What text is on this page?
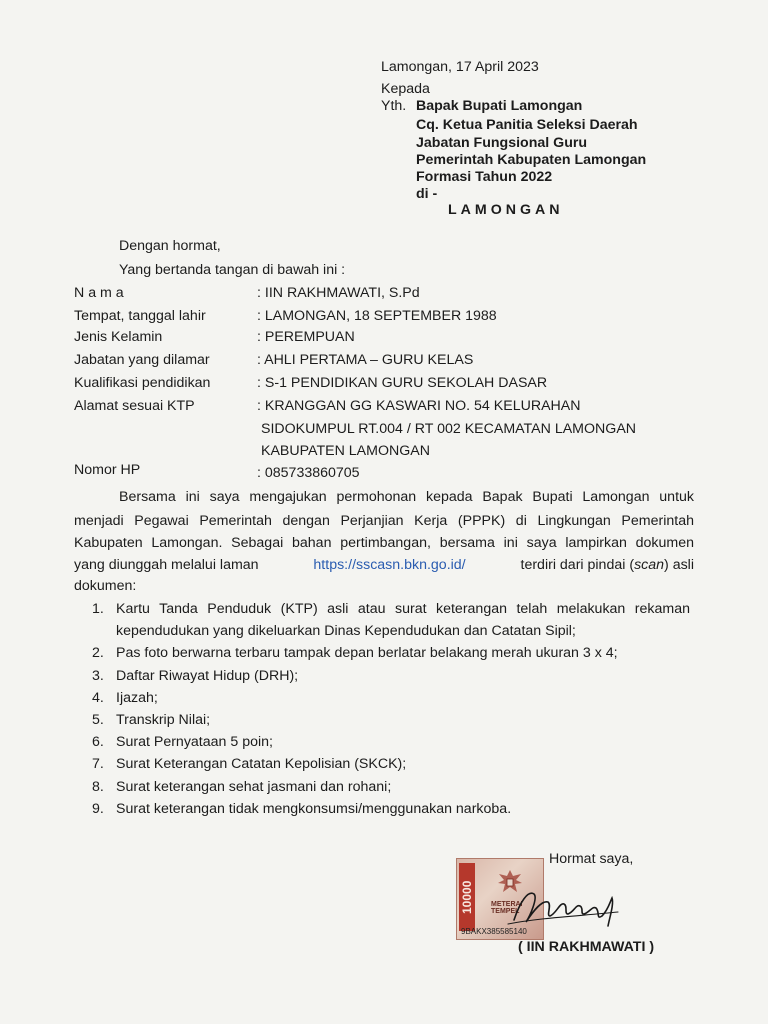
Lamongan, 17 April 2023
Kepada
Yth. Bapak Bupati Lamongan
Cq. Ketua Panitia Seleksi Daerah
Jabatan Fungsional Guru
Pemerintah Kabupaten Lamongan
Formasi Tahun 2022
di -
LAMONGAN
Dengan hormat,
Yang bertanda tangan di bawah ini :
N a m a	: IIN RAKHMAWATI, S.Pd
Tempat, tanggal lahir	: LAMONGAN, 18 SEPTEMBER 1988
Jenis Kelamin	: PEREMPUAN
Jabatan yang dilamar	: AHLI PERTAMA – GURU KELAS
Kualifikasi pendidikan	: S-1 PENDIDIKAN GURU SEKOLAH DASAR
Alamat sesuai KTP	: KRANGGAN GG KASWARI NO. 54 KELURAHAN
SIDOKUMPUL RT.004 / RT 002 KECAMATAN LAMONGAN
KABUPATEN LAMONGAN
Nomor HP	: 085733860705
Bersama ini saya mengajukan permohonan kepada Bapak Bupati Lamongan untuk
menjadi Pegawai Pemerintah dengan Perjanjian Kerja (PPPK) di Lingkungan Pemerintah
Kabupaten Lamongan. Sebagai bahan pertimbangan, bersama ini saya lampirkan dokumen
yang diunggah melalui laman	https://sscasn.bkn.go.id/	terdiri dari pindai (scan) asli
dokumen:
1. Kartu Tanda Penduduk (KTP) asli atau surat keterangan telah melakukan rekaman
kependudukan yang dikeluarkan Dinas Kependudukan dan Catatan Sipil;
2. Pas foto berwarna terbaru tampak depan berlatar belakang merah ukuran 3 x 4;
3. Daftar Riwayat Hidup (DRH);
4. Ijazah;
5. Transkrip Nilai;
6. Surat Pernyataan 5 poin;
7. Surat Keterangan Catatan Kepolisian (SKCK);
8. Surat keterangan sehat jasmani dan rohani;
9. Surat keterangan tidak mengkonsumsi/menggunakan narkoba.
Hormat saya,
10000 METERAI TEMPEL
9BAKX385585140
( IIN RAKHMAWATI )
